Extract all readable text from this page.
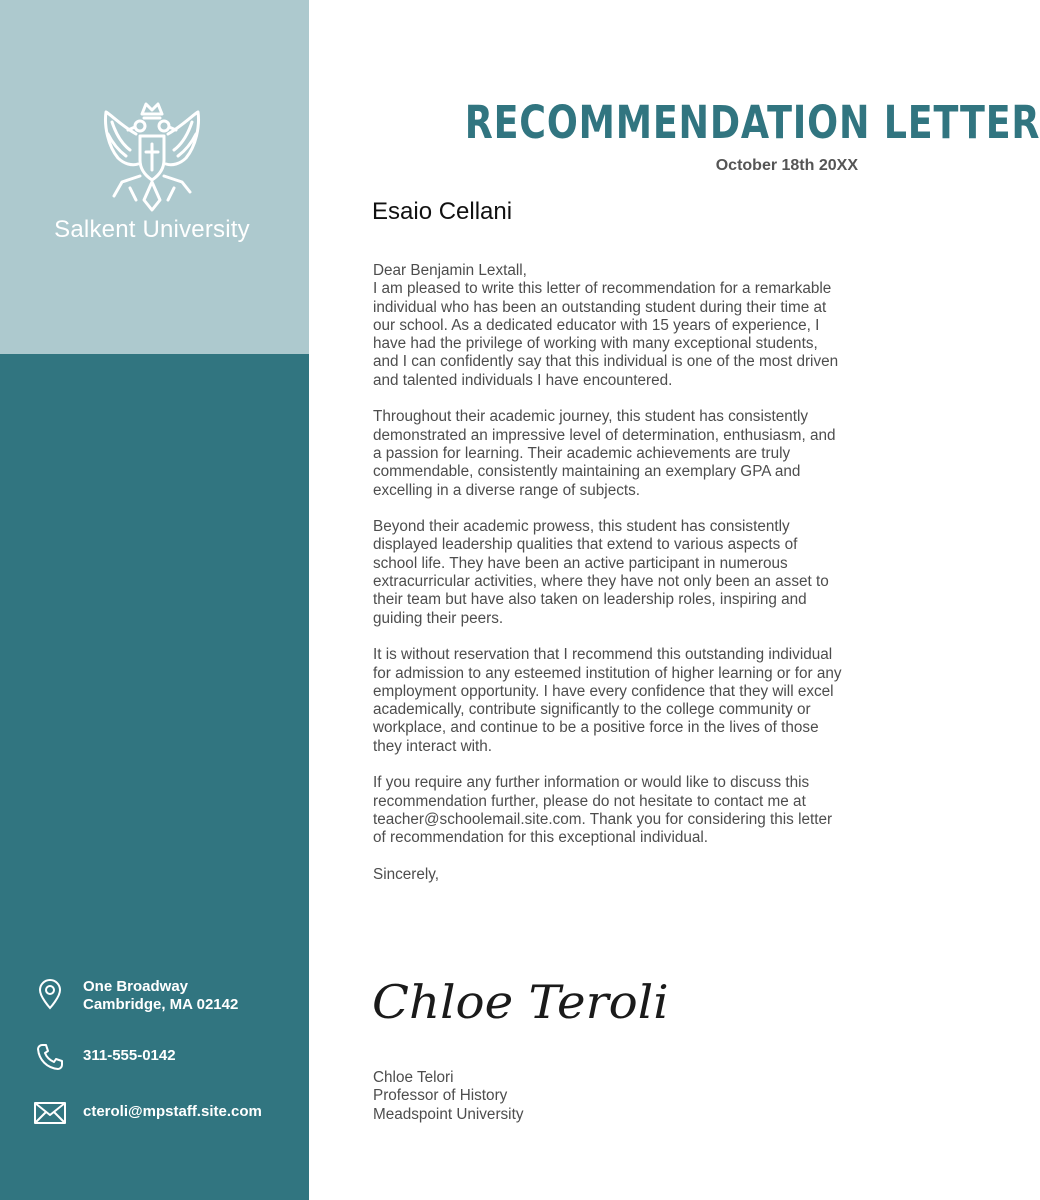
Salkent University
One Broadway
Cambridge, MA 02142
311-555-0142
cteroli@mpstaff.site.com
RECOMMENDATION LETTER
October 18th 20XX
Esaio Cellani
Dear Benjamin Lextall,

I am pleased to write this letter of recommendation for a remarkable individual who has been an outstanding student during their time at our school. As a dedicated educator with 15 years of experience, I have had the privilege of working with many exceptional students, and I can confidently say that this individual is one of the most driven and talented individuals I have encountered.

Throughout their academic journey, this student has consistently demonstrated an impressive level of determination, enthusiasm, and a passion for learning. Their academic achievements are truly commendable, consistently maintaining an exemplary GPA and excelling in a diverse range of subjects.

Beyond their academic prowess, this student has consistently displayed leadership qualities that extend to various aspects of school life. They have been an active participant in numerous extracurricular activities, where they have not only been an asset to their team but have also taken on leadership roles, inspiring and guiding their peers.

It is without reservation that I recommend this outstanding individual for admission to any esteemed institution of higher learning or for any employment opportunity. I have every confidence that they will excel academically, contribute significantly to the college community or workplace, and continue to be a positive force in the lives of those they interact with.

If you require any further information or would like to discuss this recommendation further, please do not hesitate to contact me at teacher@schoolemail.site.com. Thank you for considering this letter of recommendation for this exceptional individual.

Sincerely,
Chloe Teroli
Chloe Telori
Professor of History
Meadspoint University
